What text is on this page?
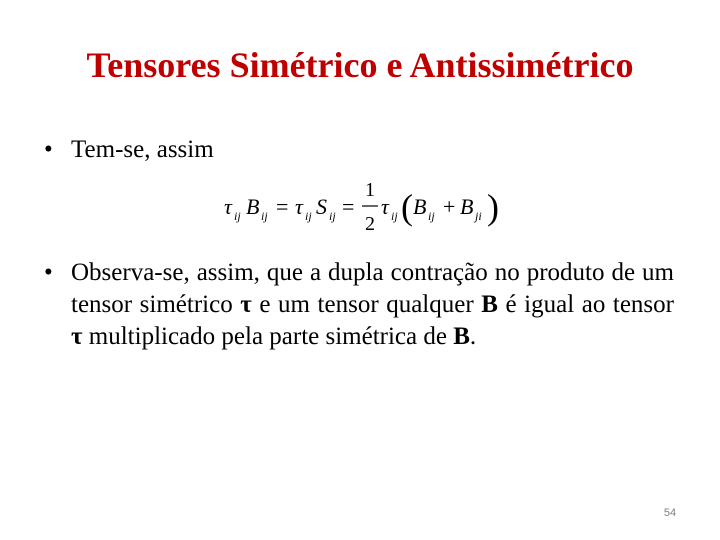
Tensores Simétrico e Antissimétrico
• Tem-se, assim
τ ij B ij = τ ij S ij =
1
2
τ ij ( B ij + B ji )
• Observa-se, assim, que a dupla contração no produto de um tensor simétrico τ e um tensor qualquer B é igual ao tensor τ multiplicado pela parte simétrica de B.
54
